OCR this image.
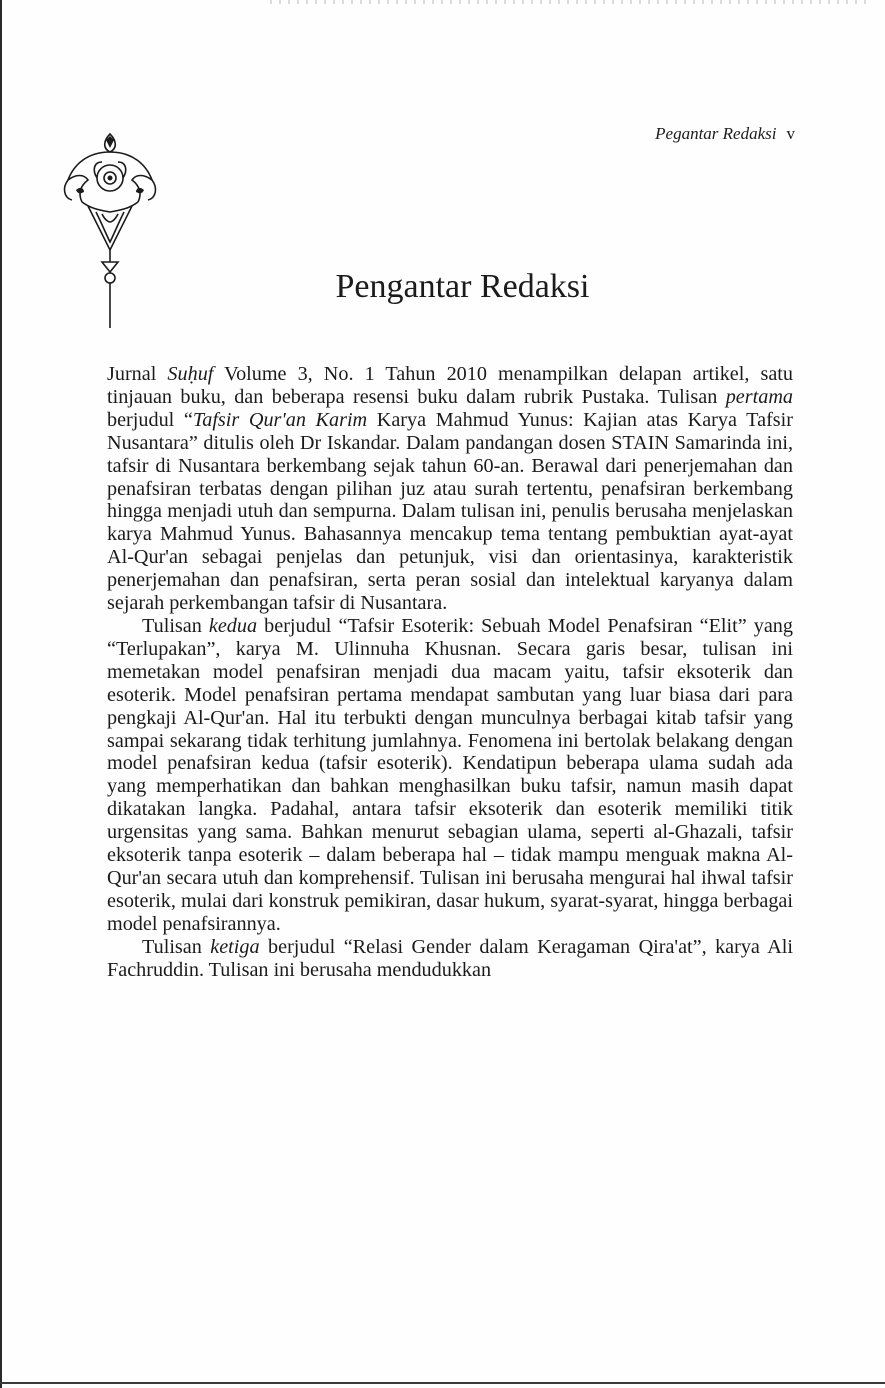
Pegantar Redaksi v
Pengantar Redaksi

Jurnal Suḥuf Volume 3, No. 1 Tahun 2010 menampilkan delapan artikel, satu tinjauan buku, dan beberapa resensi buku dalam rubrik Pustaka. Tulisan pertama berjudul “Tafsir Qur'an Karim Karya Mahmud Yunus: Kajian atas Karya Tafsir Nusantara” ditulis oleh Dr Iskandar. Dalam pandangan dosen STAIN Samarinda ini, tafsir di Nusantara berkembang sejak tahun 60-an. Berawal dari penerjemahan dan penafsiran terbatas dengan pilihan juz atau surah tertentu, penafsiran berkembang hingga menjadi utuh dan sempurna. Dalam tulisan ini, penulis berusaha menjelaskan karya Mahmud Yunus. Bahasannya mencakup tema tentang pembuktian ayat-ayat Al-Qur'an sebagai penjelas dan petunjuk, visi dan orientasinya, karakteristik penerjemahan dan penafsiran, serta peran sosial dan intelektual karyanya dalam sejarah perkembangan tafsir di Nusantara.

Tulisan kedua berjudul “Tafsir Esoterik: Sebuah Model Penafsiran “Elit” yang “Terlupakan”, karya M. Ulinnuha Khusnan. Secara garis besar, tulisan ini memetakan model penafsiran menjadi dua macam yaitu, tafsir eksoterik dan esoterik. Model penafsiran pertama mendapat sambutan yang luar biasa dari para pengkaji Al-Qur'an. Hal itu terbukti dengan munculnya berbagai kitab tafsir yang sampai sekarang tidak terhitung jumlahnya. Fenomena ini bertolak belakang dengan model penafsiran kedua (tafsir esoterik). Kendatipun beberapa ulama sudah ada yang memperhatikan dan bahkan menghasilkan buku tafsir, namun masih dapat dikatakan langka. Padahal, antara tafsir eksoterik dan esoterik memiliki titik urgensitas yang sama. Bahkan menurut sebagian ulama, seperti al-Ghazali, tafsir eksoterik tanpa esoterik – dalam beberapa hal – tidak mampu menguak makna Al-Qur'an secara utuh dan komprehensif. Tulisan ini berusaha mengurai hal ihwal tafsir esoterik, mulai dari konstruk pemikiran, dasar hukum, syarat-syarat, hingga berbagai model penafsirannya.

Tulisan ketiga berjudul “Relasi Gender dalam Keragaman Qira'at”, karya Ali Fachruddin. Tulisan ini berusaha mendudukkan
